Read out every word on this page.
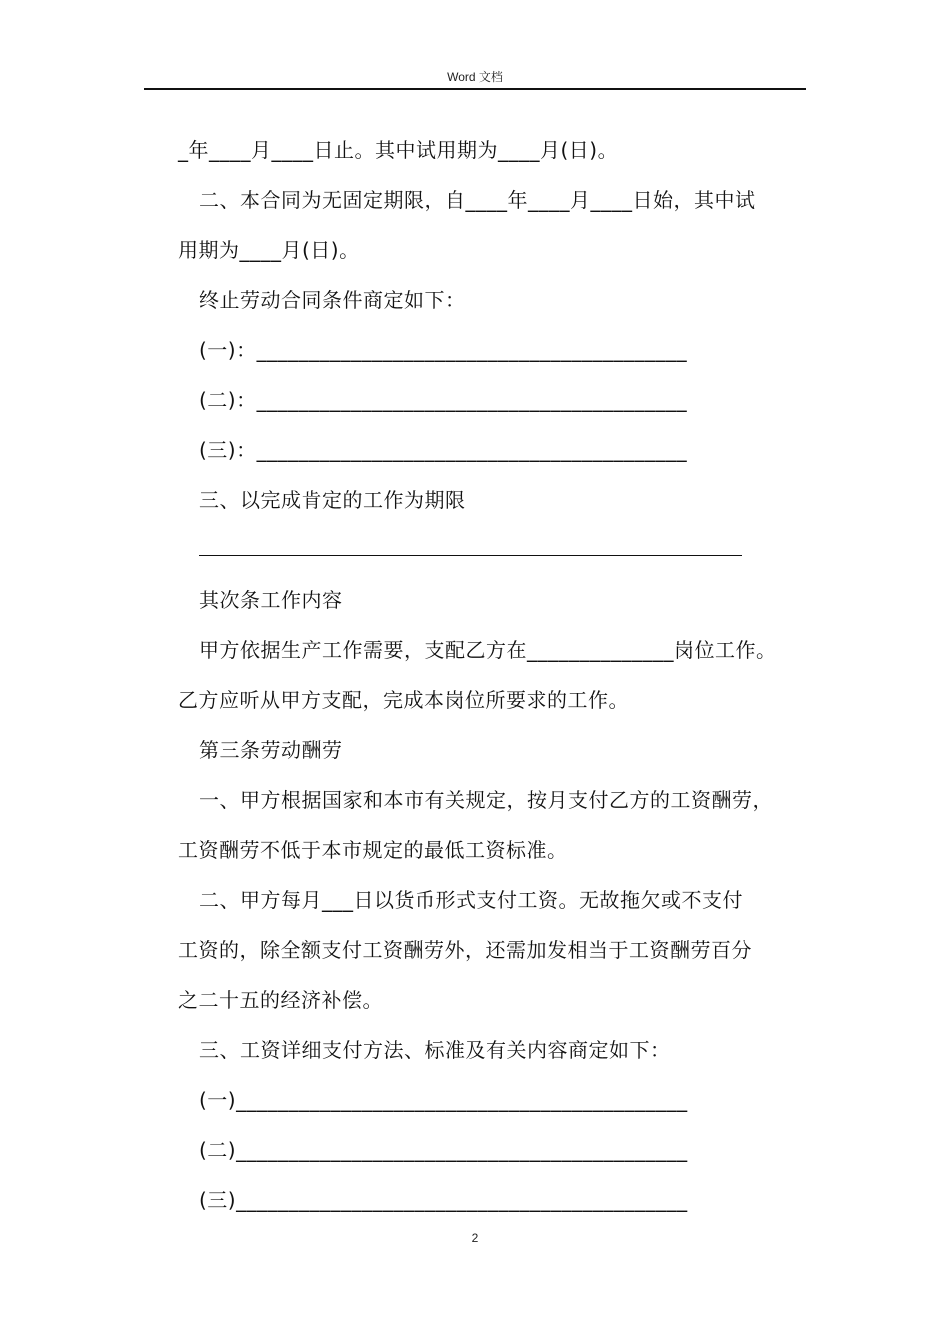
Word 文档
_年____月____日止。其中试用期为____月(日)。
二、本合同为无固定期限，自____年____月____日始，其中试
用期为____月(日)。
终止劳动合同条件商定如下：
(一)：_________________________________________
(二)：_________________________________________
(三)：_________________________________________
三、以完成肯定的工作为期限
其次条工作内容
甲方依据生产工作需要，支配乙方在______________岗位工作。
乙方应听从甲方支配，完成本岗位所要求的工作。
第三条劳动酬劳
一、甲方根据国家和本市有关规定，按月支付乙方的工资酬劳，
工资酬劳不低于本市规定的最低工资标准。
二、甲方每月___日以货币形式支付工资。无故拖欠或不支付
工资的，除全额支付工资酬劳外，还需加发相当于工资酬劳百分
之二十五的经济补偿。
三、工资详细支付方法、标准及有关内容商定如下：
(一)___________________________________________
(二)___________________________________________
(三)___________________________________________
2
